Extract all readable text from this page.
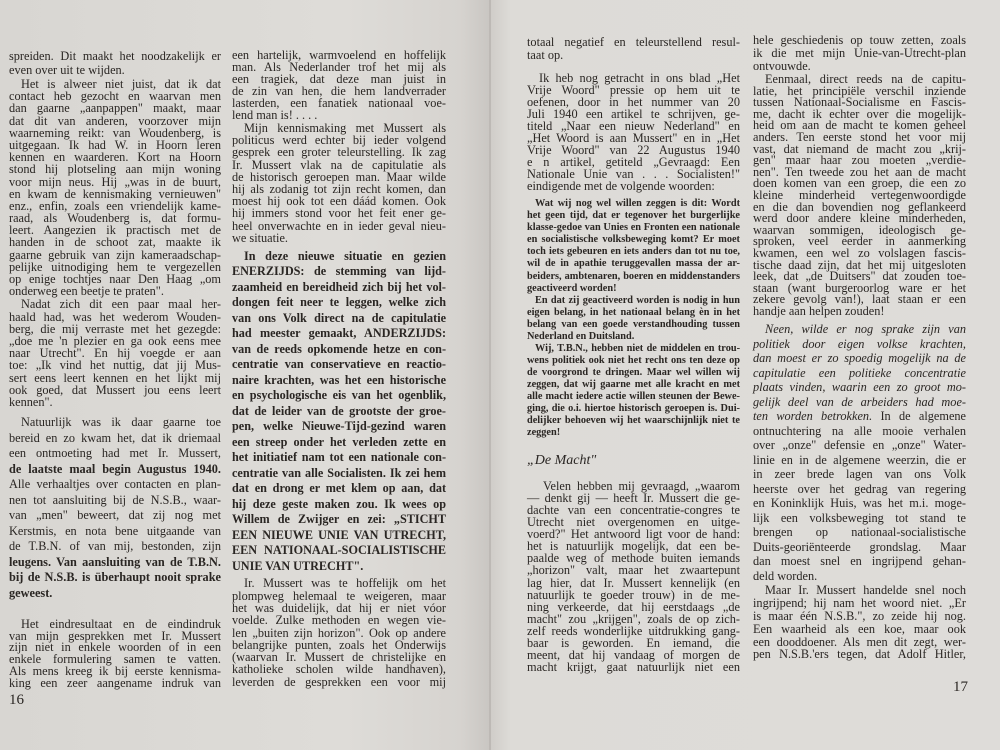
spreiden. Dit maakt het noodzakelijk er
even over uit te wijden.
Het is alweer niet juist, dat ik dat
contact heb gezocht en waarvan men
dan gaarne „aanpappen" maakt, maar
dat dit van anderen, voorzover mijn
waarneming reikt: van Woudenberg, is
uitgegaan. Ik had W. in Hoorn leren
kennen en waarderen. Kort na Hoorn
stond hij plotseling aan mijn woning
voor mijn neus. Hij „was in de buurt,
en kwam de kennismaking vernieuwen"
enz., enfin, zoals een vriendelijk kame-
raad, als Woudenberg is, dat formu-
leert. Aangezien ik practisch met de
handen in de schoot zat, maakte ik
gaarne gebruik van zijn kameraadschap-
pelijke uitnodiging hem te vergezellen
op enige tochtjes naar Den Haag „om
onderweg een beetje te praten".
Nadat zich dit een paar maal her-
haald had, was het wederom Wouden-
berg, die mij verraste met het gezegde:
„doe me 'n plezier en ga ook eens mee
naar Utrecht". En hij voegde er aan
toe: „Ik vind het nuttig, dat jij Mus-
sert eens leert kennen en het lijkt mij
ook goed, dat Mussert jou eens leert
kennen".
Natuurlijk was ik daar gaarne toe
bereid en zo kwam het, dat ik driemaal
een ontmoeting had met Ir. Mussert,
de laatste maal begin Augustus 1940.
Alle verhaaltjes over contacten en plan-
nen tot aansluiting bij de N.S.B., waar-
van „men" beweert, dat zij nog met
Kerstmis, en nota bene uitgaande van
de T.B.N. of van mij, bestonden, zijn
leugens. Van aansluiting van de T.B.N.
bij de N.S.B. is überhaupt nooit sprake
geweest.
Het eindresultaat en de eindindruk
van mijn gesprekken met Ir. Mussert
zijn niet in enkele woorden of in een
enkele formulering samen te vatten.
Als mens kreeg ik bij eerste kennisma-
king een zeer aangename indruk van
een hartelijk, warmvoelend en hoffelijk
man. Als Nederlander trof het mij als
een tragiek, dat deze man juist in
de zin van hen, die hem landverrader
lasterden, een fanatiek nationaal voe-
lend man is! . . . .
Mijn kennismaking met Mussert als
politicus werd echter bij ieder volgend
gesprek een groter teleurstelling. Ik zag
Ir. Mussert vlak na de capitulatie als
de historisch geroepen man. Maar wilde
hij als zodanig tot zijn recht komen, dan
moest hij ook tot een dáád komen. Ook
hij immers stond voor het feit ener ge-
heel onverwachte en in ieder geval nieu-
we situatie.
In deze nieuwe situatie en gezien
ENERZIJDS: de stemming van lijd-
zaamheid en bereidheid zich bij het vol-
dongen feit neer te leggen, welke zich
van ons Volk direct na de capitulatie
had meester gemaakt, ANDERZIJDS:
van de reeds opkomende hetze en con-
centratie van conservatieve en reactio-
naire krachten, was het een historische
en psychologische eis van het ogenblik,
dat de leider van de grootste der groe-
pen, welke Nieuwe-Tijd-gezind waren
een streep onder het verleden zette en
het initiatief nam tot een nationale con-
centratie van alle Socialisten. Ik zei hem
dat en drong er met klem op aan, dat
hij deze geste maken zou. Ik wees op
Willem de Zwijger en zei: „STICHT
EEN NIEUWE UNIE VAN UTRECHT,
EEN NATIONAAL-SOCIALISTISCHE
UNIE VAN UTRECHT".
Ir. Mussert was te hoffelijk om het
plompweg helemaal te weigeren, maar
het was duidelijk, dat hij er niet vóor
voelde. Zulke methoden en wegen vie-
len „buiten zijn horizon". Ook op andere
belangrijke punten, zoals het Onderwijs
(waarvan Ir. Mussert de christelijke en
katholieke scholen wilde handhaven),
leverden de gesprekken een voor mij
totaal negatief en teleurstellend resul-
taat op.
Ik heb nog getracht in ons blad „Het
Vrije Woord" pressie op hem uit te
oefenen, door in het nummer van 20
Juli 1940 een artikel te schrijven, ge-
titeld „Naar een nieuw Nederland" en
„Het Woord is aan Mussert" en in „Het
Vrije Woord" van 22 Augustus 1940
e n artikel, getiteld „Gevraagd: Een
Nationale Unie van . . . Socialisten!"
eindigende met de volgende woorden:
Wat wij nog wel willen zeggen is dit: Wordt
het geen tijd, dat er tegenover het burgerlijke
klasse-gedoe van Unies en Fronten een nationale
en socialistische volksbeweging komt? Er moet
toch iets gebeuren en iets anders dan tot nu toe,
wil de in apathie teruggevallen massa der ar-
beiders, ambtenaren, boeren en middenstanders
geactiveerd worden!
En dat zij geactiveerd worden is nodig in hun
eigen belang, in het nationaal belang èn in het
belang van een goede verstandhouding tussen
Nederland en Duitsland.
Wij, T.B.N., hebben niet de middelen en trou-
wens politiek ook niet het recht ons ten deze op
de voorgrond te dringen. Maar wel willen wij
zeggen, dat wij gaarne met alle kracht en met
alle macht iedere actie willen steunen der Bewe-
ging, die o.i. hiertoe historisch geroepen is. Dui-
delijker behoeven wij het waarschijnlijk niet te
zeggen!
„De Macht"
Velen hebben mij gevraagd, „waarom
— denkt gij — heeft Ir. Mussert die ge-
dachte van een concentratie-congres te
Utrecht niet overgenomen en uitge-
voerd?" Het antwoord ligt voor de hand:
het is natuurlijk mogelijk, dat een be-
paalde weg of methode buiten iemands
„horizon" valt, maar het zwaartepunt
lag hier, dat Ir. Mussert kennelijk (en
natuurlijk te goeder trouw) in de me-
ning verkeerde, dat hij eerstdaags „de
macht" zou „krijgen", zoals de op zich-
zelf reeds wonderlijke uitdrukking gang-
baar is geworden. En iemand, die
meent, dat hij vandaag of morgen de
macht krijgt, gaat natuurlijk niet een
hele geschiedenis op touw zetten, zoals
ik die met mijn Unie-van-Utrecht-plan
ontvouwde.
Eenmaal, direct reeds na de capitu-
latie, het principiële verschil inziende
tussen Nationaal-Socialisme en Fascis-
me, dacht ik echter over die mogelijk-
heid om aan de macht te komen geheel
anders. Ten eerste stond het voor mij
vast, dat niemand de macht zou „krij-
gen" maar haar zou moeten „verdie-
nen". Ten tweede zou het aan de macht
doen komen van een groep, die een zo
kleine minderheid vertegenwoordigde
en die dan bovendien nog geflankeerd
werd door andere kleine minderheden,
waarvan sommigen, ideologisch ge-
sproken, veel eerder in aanmerking
kwamen, een wel zo volslagen fascis-
tische daad zijn, dat het mij uitgesloten
leek, dat „de Duitsers" dat zouden toe-
staan (want burgeroorlog ware er het
zekere gevolg van!), laat staan er een
handje aan helpen zouden!
Neen, wilde er nog sprake zijn van
politiek door eigen volkse krachten,
dan moest er zo spoedig mogelijk na de
capitulatie een politieke concentratie
plaats vinden, waarin een zo groot mo-
gelijk deel van de arbeiders had moe-
ten worden betrokken. In de algemene
ontnuchtering na alle mooie verhalen
over „onze" defensie en „onze" Water-
linie en in de algemene weerzin, die er
in zeer brede lagen van ons Volk
heerste over het gedrag van regering
en Koninklijk Huis, was het m.i. moge-
lijk een volksbeweging tot stand te
brengen op nationaal-socialistische
Duits-georiënteerde grondslag. Maar
dan moest snel en ingrijpend gehan-
deld worden.
Maar Ir. Mussert handelde snel noch
ingrijpend; hij nam het woord niet. „Er
is maar één N.S.B.", zo zeide hij nog.
Een waarheid als een koe, maar ook
een dooddoener. Als men dit zegt, wer-
pen N.S.B.'ers tegen, dat Adolf Hitler,
16
17
